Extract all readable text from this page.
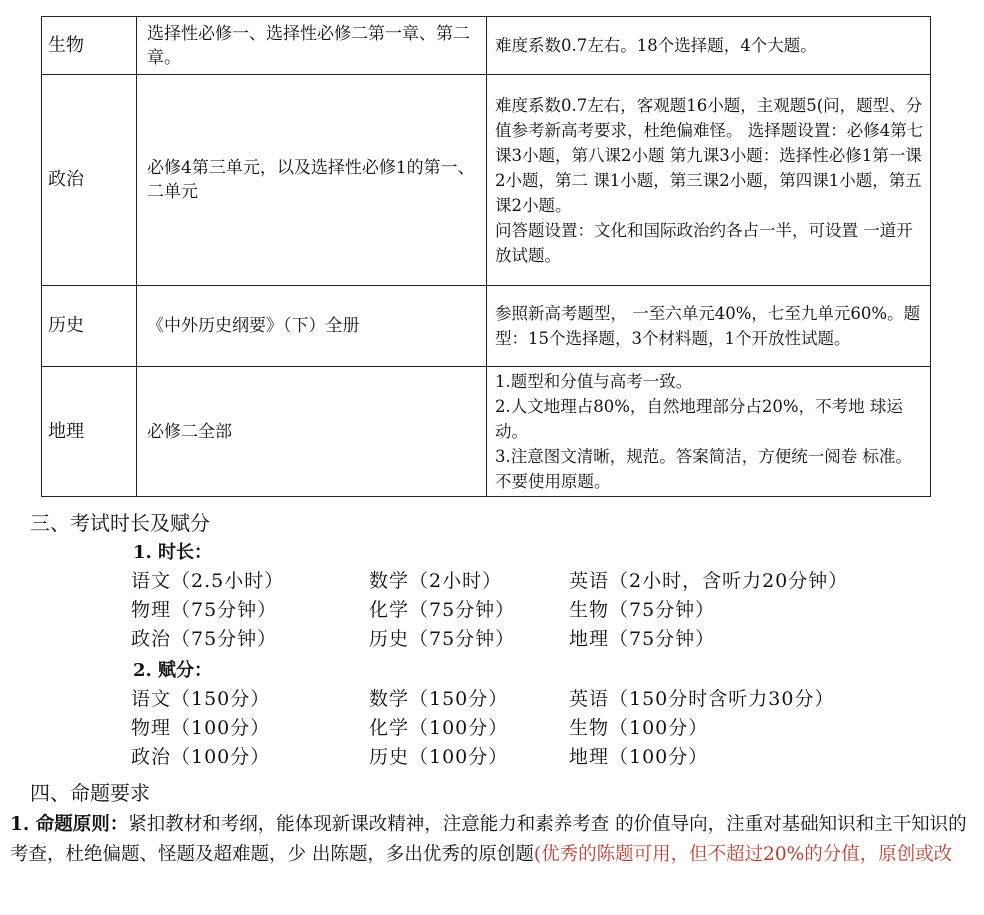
生物	选择性必修一、选择性必修二第一章、第二章。	难度系数0.7左右。18个选择题，4个大题。

政治	必修4第三单元，以及选择性必修1的第一、二单元	难度系数0.7左右，客观题16小题，主观题5(问，题型、分值参考新高考要求，杜绝偏难怪。 选择题设置：必修4第七课3小题，第八课2小题 第九课3小题：选择性必修1第一课2小题，第二 课1小题，第三课2小题，第四课1小题，第五课2小题。
问答题设置：文化和国际政治约各占一半，可设置 一道开放试题。

历史	《中外历史纲要》（下）全册	参照新高考题型， 一至六单元40%，七至九单元60%。题型：15个选择题，3个材料题，1个开放性试题。

地理	必修二全部	1.题型和分值与高考一致。
2.人文地理占80%，自然地理部分占20%，不考地 球运动。
3.注意图文清晰，规范。答案简洁，方便统一阅卷 标准。不要使用原题。
三、考试时长及赋分
1. 时长：
语文（2.5小时）	数学（2小时）	英语（2小时，含听力20分钟）
物理（75分钟）	化学（75分钟）	生物（75分钟）
政治（75分钟）	历史（75分钟）	地理（75分钟）
2. 赋分：
语文（150分）	数学（150分）	英语（150分时含听力30分）
物理（100分）	化学（100分）	生物（100分）
政治（100分）	历史（100分）	地理（100分）
四、命题要求
1. 命题原则：紧扣教材和考纲，能体现新课改精神，注意能力和素养考查 的价值导向，注重对基础知识和主干知识的考查，杜绝偏题、怪题及超难题，少 出陈题，多出优秀的原创题(优秀的陈题可用，但不超过20%的分值，原创或改
